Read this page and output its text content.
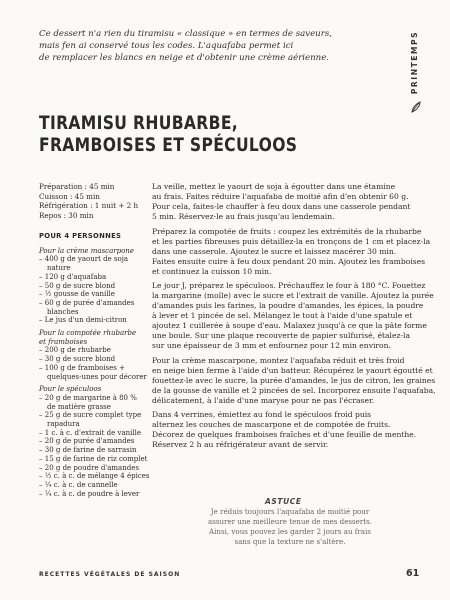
Ce dessert n'a rien du tiramisu « classique » en termes de saveurs,
mais fen ai conservé tous les codes. L'aquafaba permet ici
de remplacer les blancs en neige et d'obtenir une crème aérienne.	PRINTEMPS
TIRAMISU RHUBARBE,
FRAMBOISES ET SPÉCULOOS
Préparation : 45 min
Cuisson : 45 min
Réfrigération : 1 nuit + 2 h
Repos : 30 min
POUR 4 PERSONNES
Pour la crème mascarpone
– 400 g de yaourt de soja
nature
– 120 g d'aquafaba
– 50 g de sucre blond
– ½ gousse de vanille
– 60 g de purée d'amandes
blanches
– Le jus d'un demi-citron
Pour la compotée rhubarbe
et framboises
– 200 g de rhubarbe
– 30 g de sucre blond
– 100 g de framboises +
quelques-unes pour décorer
Pour le spéculoos
– 20 g de margarine à 80 %
de matière grasse
– 25 g de sucre complet type
rapadura
– 1 c. à c. d'extrait de vanille
– 20 g de purée d'amandes
– 30 g de farine de sarrasin
– 15 g de farine de riz complet
– 20 g de poudre d'amandes
– ½ c. à c. de mélange 4 épices
– ¼ c. à c. de cannelle
– ¼ c. à c. de poudre à lever

La veille, mettez le yaourt de soja à égoutter dans une étamine
au frais. Faites réduire l'aquafaba de moitié afin d'en obtenir 60 g.
Pour cela, faites-le chauffer à feu doux dans une casserole pendant
5 min. Réservez-le au frais jusqu'au lendemain.

Préparez la compotée de fruits : coupez les extrémités de la rhubarbe
et les parties fibreuses puis détaillez-la en tronçons de 1 cm et placez-la
dans une casserole. Ajoutez le sucre et laissez macérer 30 min.
Faites ensuite cuire à feu doux pendant 20 min. Ajoutez les framboises
et continuez la cuisson 10 min.

Le jour J, préparez le spéculoos. Préchauffez le four à 180 °C. Fouettez
la margarine (molle) avec le sucre et l'extrait de vanille. Ajoutez la purée
d'amandes puis les farines, la poudre d'amandes, les épices, la poudre
à lever et 1 pincée de sel. Mélangez le tout à l'aide d'une spatule et
ajoutez 1 cuillerée à soupe d'eau. Malaxez jusqu'à ce que la pâte forme
une boule. Sur une plaque recouverte de papier sulfurisé, étalez-la
sur une épaisseur de 3 mm et enfournez pour 12 min environ.

Pour la crème mascarpone, montez l'aquafaba réduit et très froid
en neige bien ferme à l'aide d'un batteur. Récupérez le yaourt égoutté et
fouettez-le avec le sucre, la purée d'amandes, le jus de citron, les graines
de la gousse de vanille et 2 pincées de sel. Incorporez ensuite l'aquafaba,
délicatement, à l'aide d'une maryse pour ne pas l'écraser.

Dans 4 verrines, émiettez au fond le spéculoos froid puis
alternez les couches de mascarpone et de compotée de fruits.
Décorez de quelques framboises fraîches et d'une feuille de menthe.
Réservez 2 h au réfrigérateur avant de servir.

ASTUCE
Je réduis toujours l'aquafaba de moitié pour
assurer une meilleure tenue de mes desserts.
Ainsi, vous pouvez les garder 2 jours au frais
sans que la texture ne s'altère.
RECETTES VÉGÉTALES DE SAISON	61
